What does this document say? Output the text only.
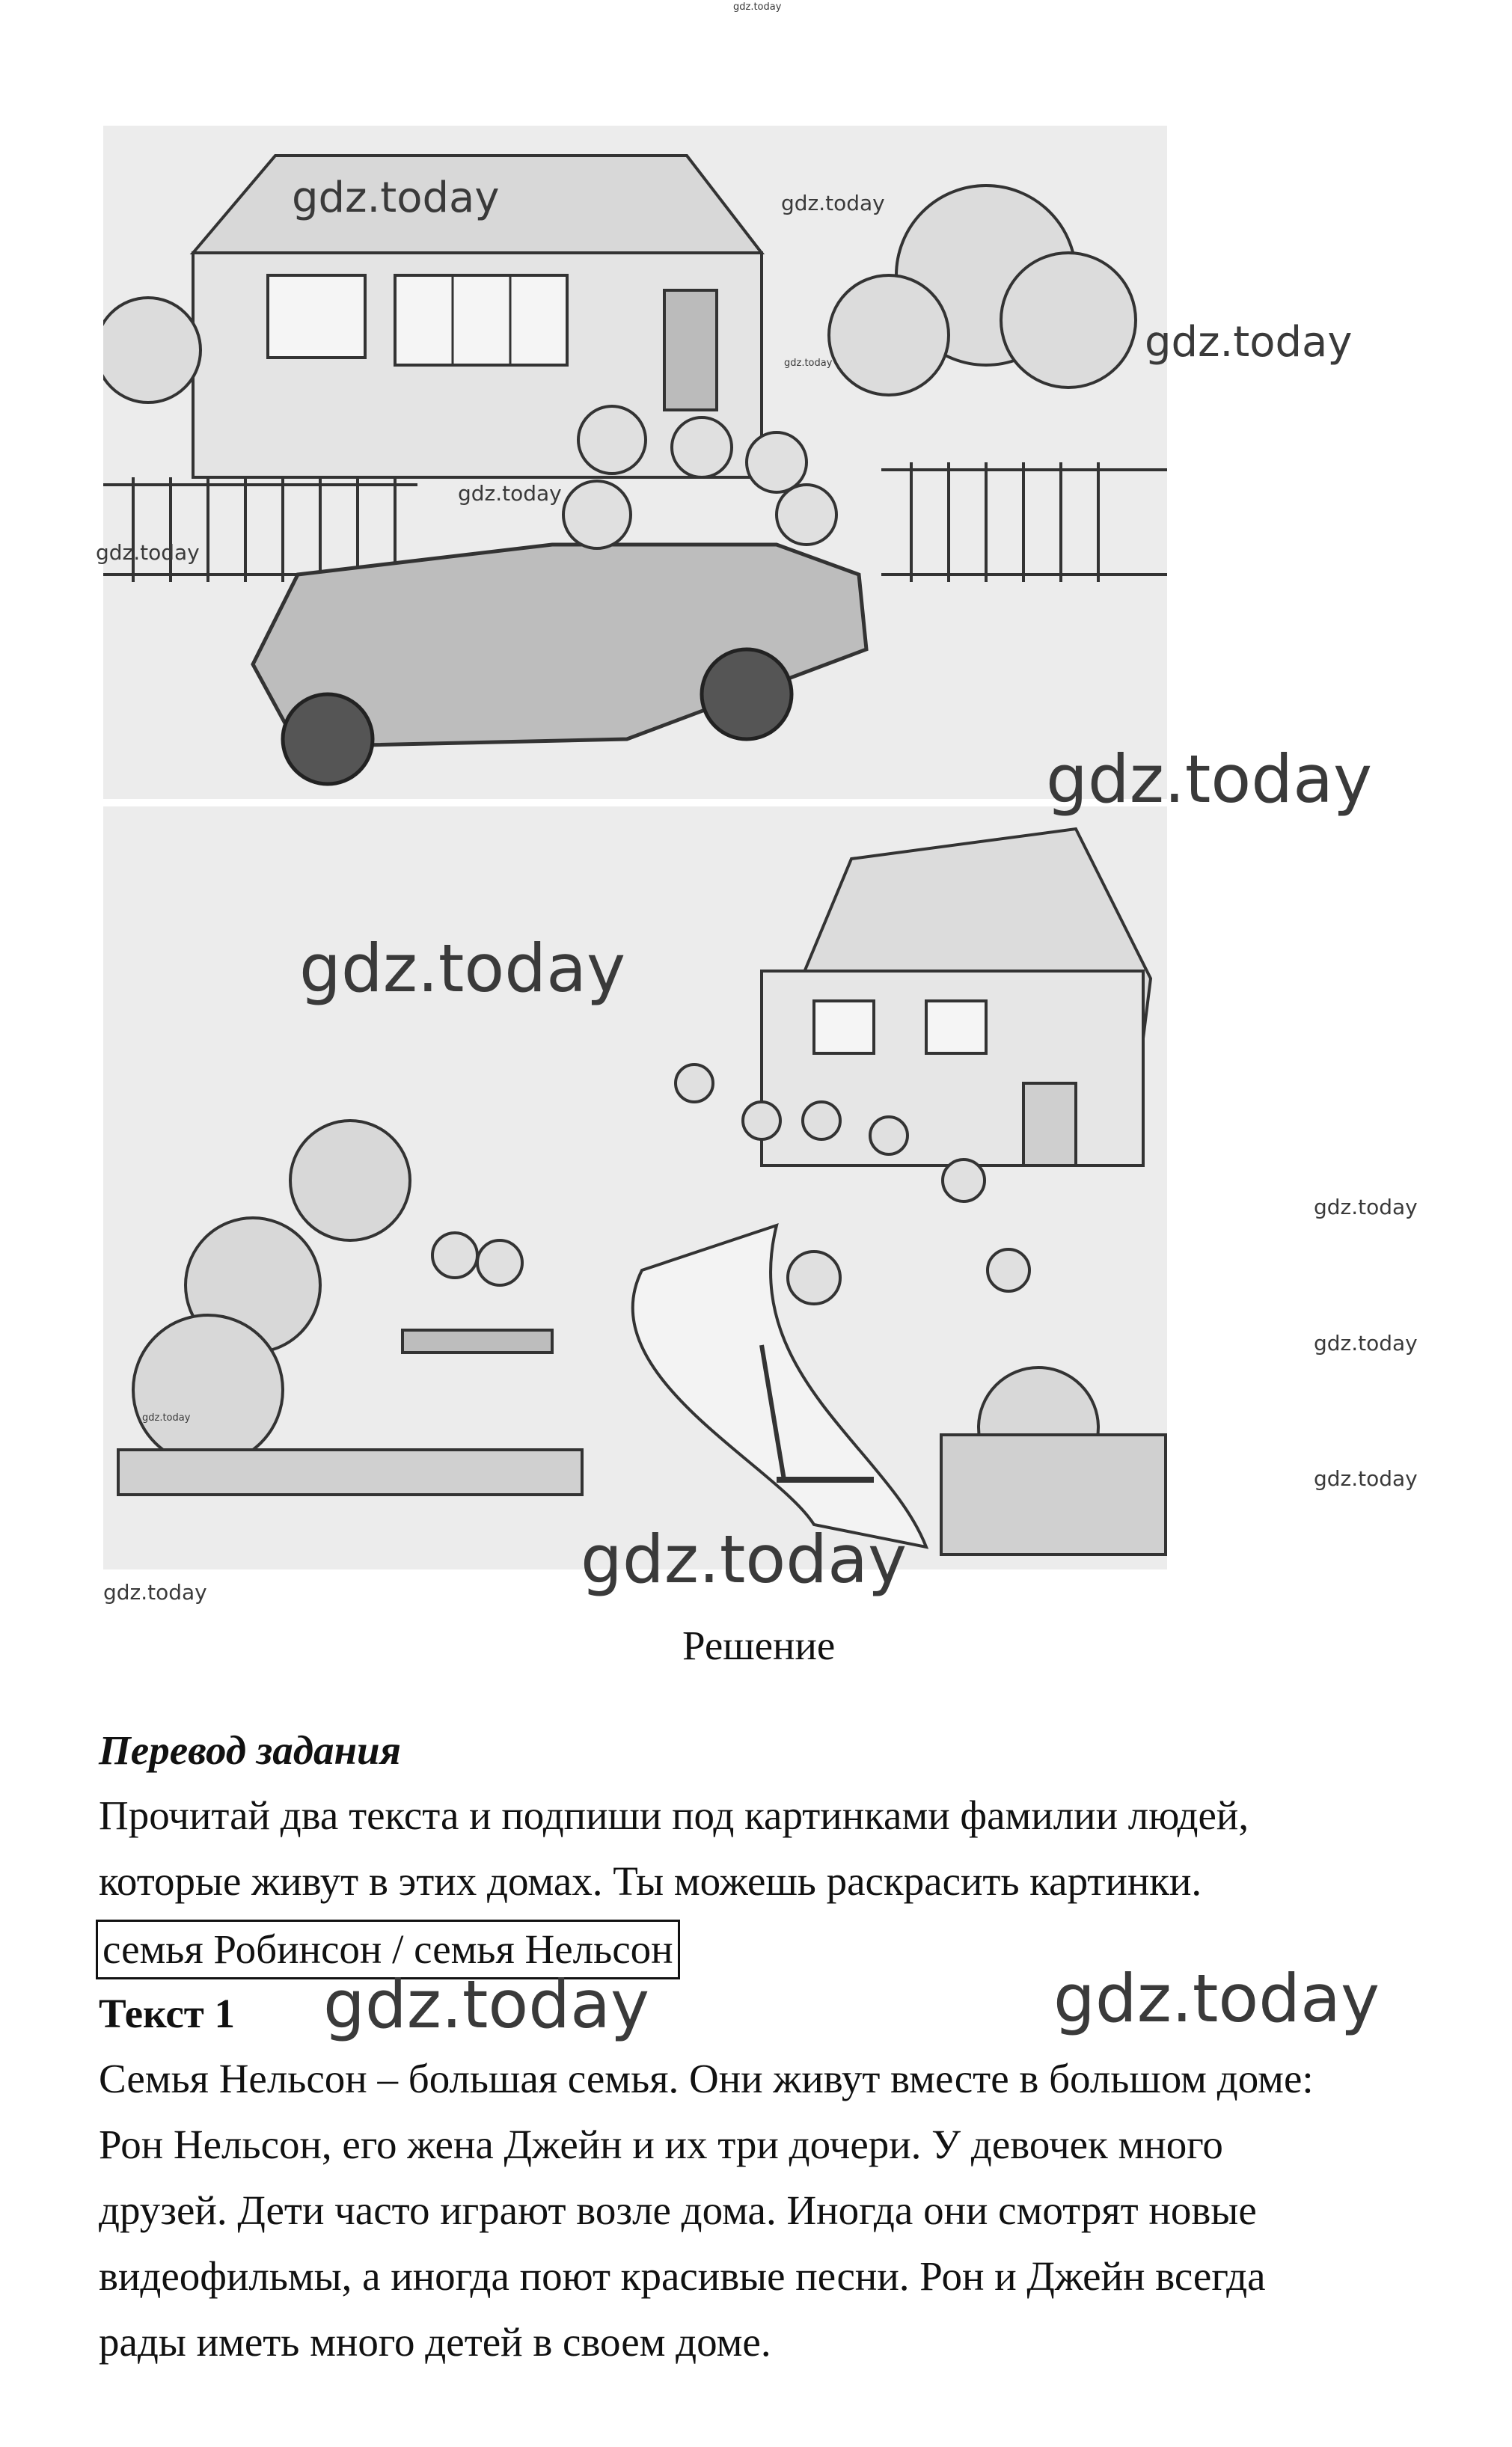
gdz.today
gdz.today	gdz.today
gdz.today
gdz.today
gdz.today
gdz.today
gdz.today
gdz.today
gdz.today
gdz.today
gdz.today
gdz.today
gdz.today
gdz.today
Решение
Перевод задания
Прочитай два текста и подпиши под картинками фамилии людей,
которые живут в этих домах. Ты можешь раскрасить картинки.
семья Робинсон / семья Нельсон
Текст 1 gdz.today	gdz.today
Семья Нельсон – большая семья. Они живут вместе в большом доме:
Рон Нельсон, его жена Джейн и их три дочери. У девочек много
друзей. Дети часто играют возле дома. Иногда они смотрят новые
видеофильмы, а иногда поют красивые песни. Рон и Джейн всегда
рады иметь много детей в своем доме.
